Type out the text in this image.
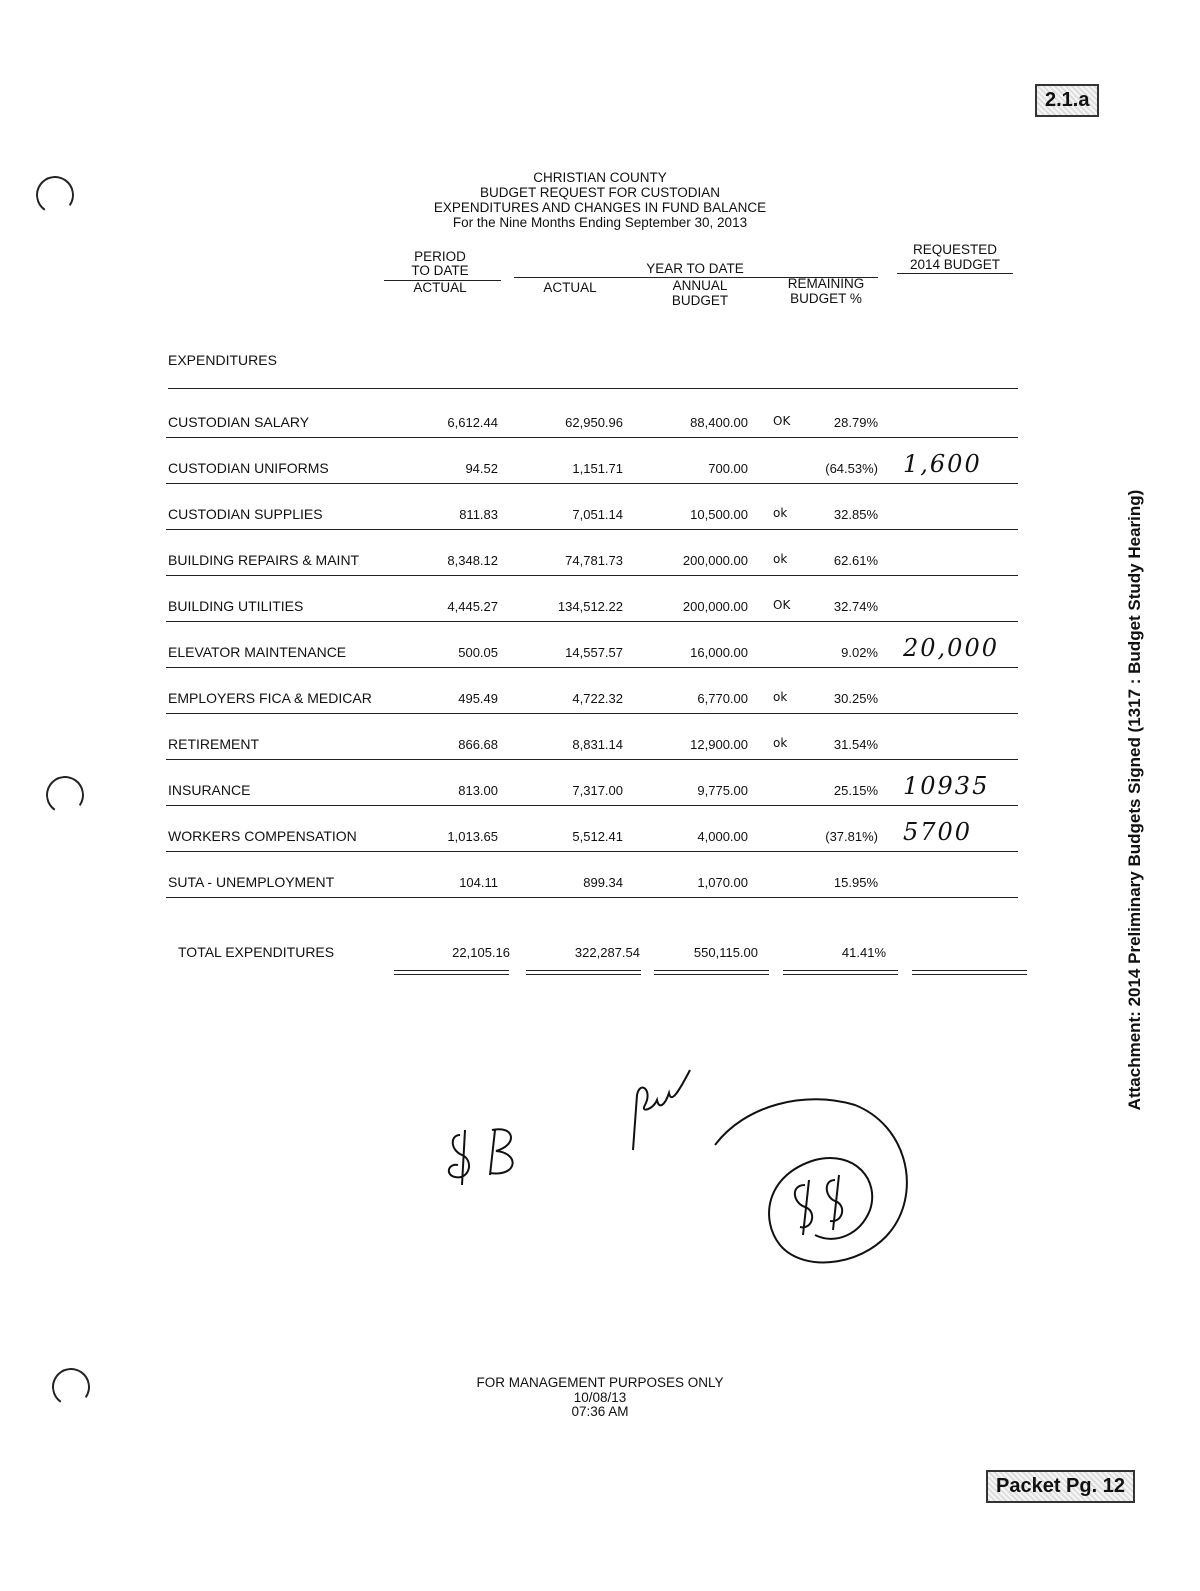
2.1.a
Packet Pg. 12
CHRISTIAN COUNTY
BUDGET REQUEST FOR CUSTODIAN
EXPENDITURES AND CHANGES IN FUND BALANCE
For the Nine Months Ending September 30, 2013
PERIOD
TO DATE
ACTUAL
YEAR TO DATE
ACTUAL	ANNUAL
BUDGET
REMAINING
BUDGET %
REQUESTED
2014 BUDGET
EXPENDITURES
CUSTODIAN SALARY	6,612.44	62,950.96	88,400.00 OK	28.79%
CUSTODIAN UNIFORMS	94.52	1,151.71	700.00	(64.53%) 1,600
CUSTODIAN SUPPLIES	811.83	7,051.14	10,500.00 ok	32.85%
BUILDING REPAIRS & MAINT	8,348.12	74,781.73	200,000.00 ok	62.61%
BUILDING UTILITIES	4,445.27	134,512.22	200,000.00 OK	32.74%
ELEVATOR MAINTENANCE	500.05	14,557.57	16,000.00	9.02% 20,000
EMPLOYERS FICA & MEDICAR	495.49	4,722.32	6,770.00 ok	30.25%
RETIREMENT	866.68	8,831.14	12,900.00 ok	31.54%
INSURANCE	813.00	7,317.00	9,775.00	25.15% 10935
WORKERS COMPENSATION	1,013.65	5,512.41	4,000.00	(37.81%) 5700
SUTA - UNEMPLOYMENT	104.11	899.34	1,070.00	15.95%
TOTAL EXPENDITURES	22,105.16	322,287.54	550,115.00	41.41%
FOR MANAGEMENT PURPOSES ONLY
10/08/13
07:36 AM
Attachment: 2014 Preliminary Budgets Signed (1317 : Budget Study Hearing)
